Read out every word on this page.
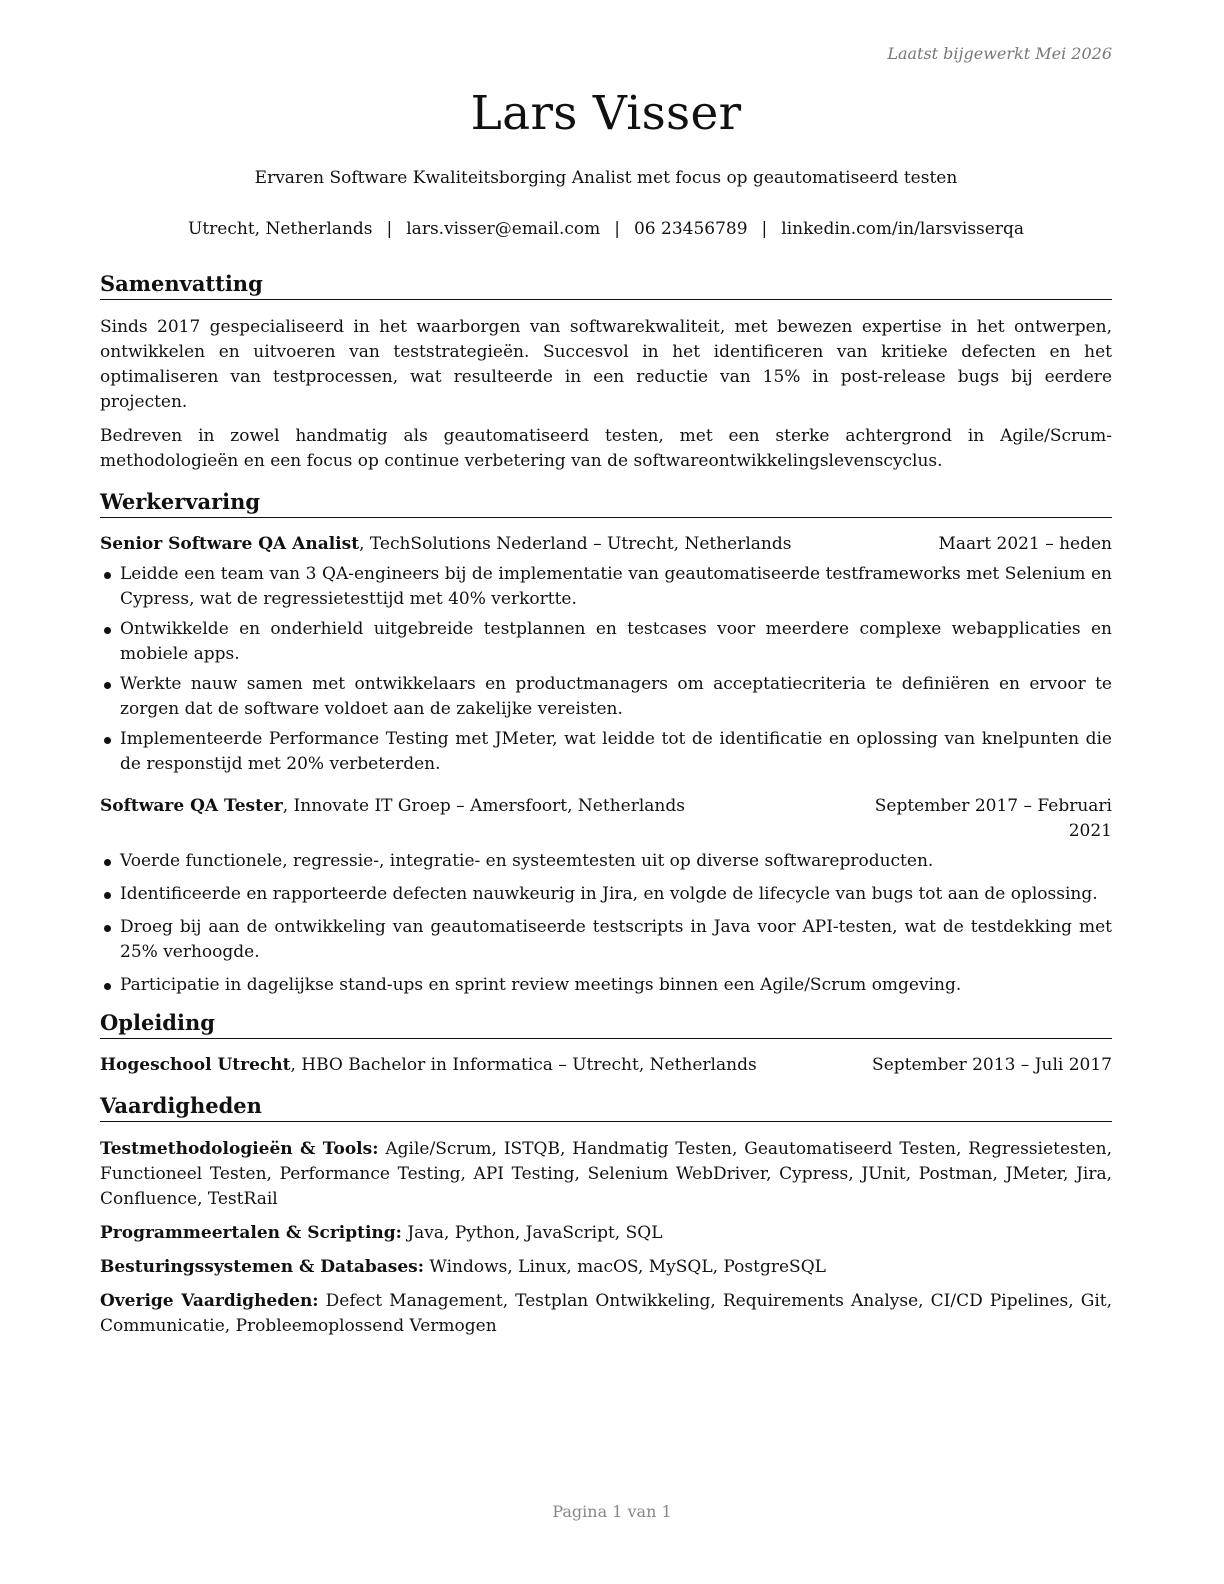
Laatst bijgewerkt Mei 2026
Lars Visser
Ervaren Software Kwaliteitsborging Analist met focus op geautomatiseerd testen
Utrecht, Netherlands | lars.visser@email.com | 06 23456789 | linkedin.com/in/larsvisserqa
Samenvatting

Sinds 2017 gespecialiseerd in het waarborgen van softwarekwaliteit, met bewezen expertise in het ontwerpen, ontwikkelen en uitvoeren van teststrategieën. Succesvol in het identificeren van kritieke defecten en het optimaliseren van testprocessen, wat resulteerde in een reductie van 15% in post-release bugs bij eerdere projecten.

Bedreven in zowel handmatig als geautomatiseerd testen, met een sterke achtergrond in Agile/Scrum-methodologieën en een focus op continue verbetering van de softwareontwikkelingslevenscyclus.

Werkervaring
Senior Software QA Analist, TechSolutions Nederland – Utrecht, Netherlands	Maart 2021 – heden
Leidde een team van 3 QA-engineers bij de implementatie van geautomatiseerde testframeworks met Selenium en Cypress, wat de regressietesttijd met 40% verkortte.
Ontwikkelde en onderhield uitgebreide testplannen en testcases voor meerdere complexe webapplicaties en mobiele apps.
Werkte nauw samen met ontwikkelaars en productmanagers om acceptatiecriteria te definiëren en ervoor te zorgen dat de software voldoet aan de zakelijke vereisten.
Implementeerde Performance Testing met JMeter, wat leidde tot de identificatie en oplossing van knelpunten die de responstijd met 20% verbeterden.
Software QA Tester, Innovate IT Groep – Amersfoort, Netherlands	September 2017 – Februari 2021
Voerde functionele, regressie-, integratie- en systeemtesten uit op diverse softwareproducten.
Identificeerde en rapporteerde defecten nauwkeurig in Jira, en volgde de lifecycle van bugs tot aan de oplossing.
Droeg bij aan de ontwikkeling van geautomatiseerde testscripts in Java voor API-testen, wat de testdekking met 25% verhoogde.
Participatie in dagelijkse stand-ups en sprint review meetings binnen een Agile/Scrum omgeving.
Opleiding
Hogeschool Utrecht, HBO Bachelor in Informatica – Utrecht, Netherlands	September 2013 – Juli 2017
Vaardigheden
Testmethodologieën & Tools: Agile/Scrum, ISTQB, Handmatig Testen, Geautomatiseerd Testen, Regressietesten, Functioneel Testen, Performance Testing, API Testing, Selenium WebDriver, Cypress, JUnit, Postman, JMeter, Jira, Confluence, TestRail
Programmeertalen & Scripting: Java, Python, JavaScript, SQL
Besturingssystemen & Databases: Windows, Linux, macOS, MySQL, PostgreSQL
Overige Vaardigheden: Defect Management, Testplan Ontwikkeling, Requirements Analyse, CI/CD Pipelines, Git, Communicatie, Probleemoplossend Vermogen
Pagina 1 van 1
